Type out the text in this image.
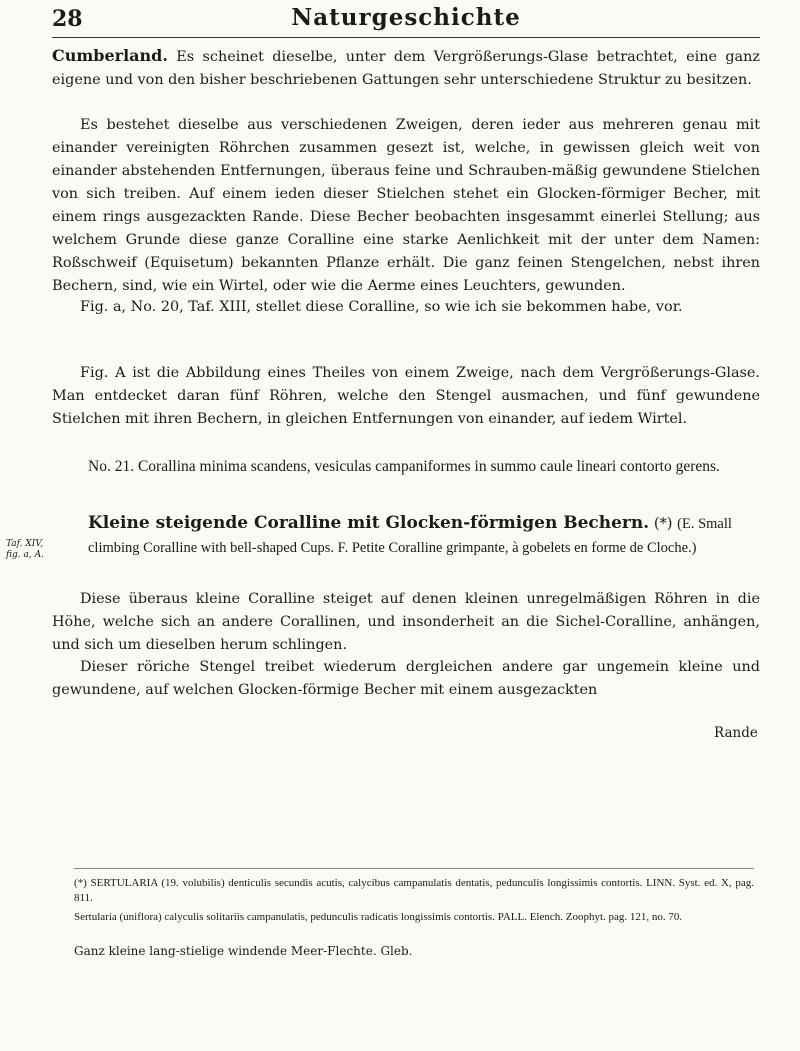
28	Naturgeschichte
Taf. XIV, fig. a, A.

Cumberland. Es scheinet dieselbe, unter dem Vergrößerungs-Glase betrachtet, eine ganz eigene und von den bisher beschriebenen Gattungen sehr unterschiedene Struktur zu besitzen.

Es bestehet dieselbe aus verschiedenen Zweigen, deren ieder aus mehreren genau mit einander vereinigten Röhrchen zusammen gesezt ist, welche, in gewissen gleich weit von einander abstehenden Entfernungen, überaus feine und Schrauben-mäßig gewundene Stielchen von sich treiben. Auf einem ieden dieser Stielchen stehet ein Glocken-förmiger Becher, mit einem rings ausgezackten Rande. Diese Becher beobachten insgesammt einerlei Stellung; aus welchem Grunde diese ganze Coralline eine starke Aenlichkeit mit der unter dem Namen: Roßschweif (Equisetum) bekannten Pflanze erhält. Die ganz feinen Stengelchen, nebst ihren Bechern, sind, wie ein Wirtel, oder wie die Aerme eines Leuchters, gewunden.

Fig. a, No. 20, Taf. XIII, stellet diese Coralline, so wie ich sie bekommen habe, vor.

Fig. A ist die Abbildung eines Theiles von einem Zweige, nach dem Vergrößerungs-Glase. Man entdecket daran fünf Röhren, welche den Stengel ausmachen, und fünf gewundene Stielchen mit ihren Bechern, in gleichen Entfernungen von einander, auf iedem Wirtel.

No. 21. Corallina minima scandens, vesiculas campaniformes in summo caule lineari contorto gerens.

Kleine steigende Coralline mit Glocken-förmigen Bechern. (*) (E. Small climbing Coralline with bell-shaped Cups. F. Petite Coralline grimpante, à gobelets en forme de Cloche.)

Diese überaus kleine Coralline steiget auf denen kleinen unregelmäßigen Röhren in die Höhe, welche sich an andere Corallinen, und insonderheit an die Sichel-Coralline, anhängen, und sich um dieselben herum schlingen.

Dieser röriche Stengel treibet wiederum dergleichen andere gar ungemein kleine und gewundene, auf welchen Glocken-förmige Becher mit einem ausgezackten

Rande

(*) SERTULARIA (19. volubilis) denticulis secundis acutis, calycibus campanulatis dentatis, pedunculis longissimis contortis. LINN. Syst. ed. X, pag. 811.

Sertularia (uniflora) calyculis solitariis campanulatis, pedunculis radicatis longissimis contortis. PALL. Elench. Zoophyt. pag. 121, no. 70.

Ganz kleine lang-stielige windende Meer-Flechte. Gleb.
